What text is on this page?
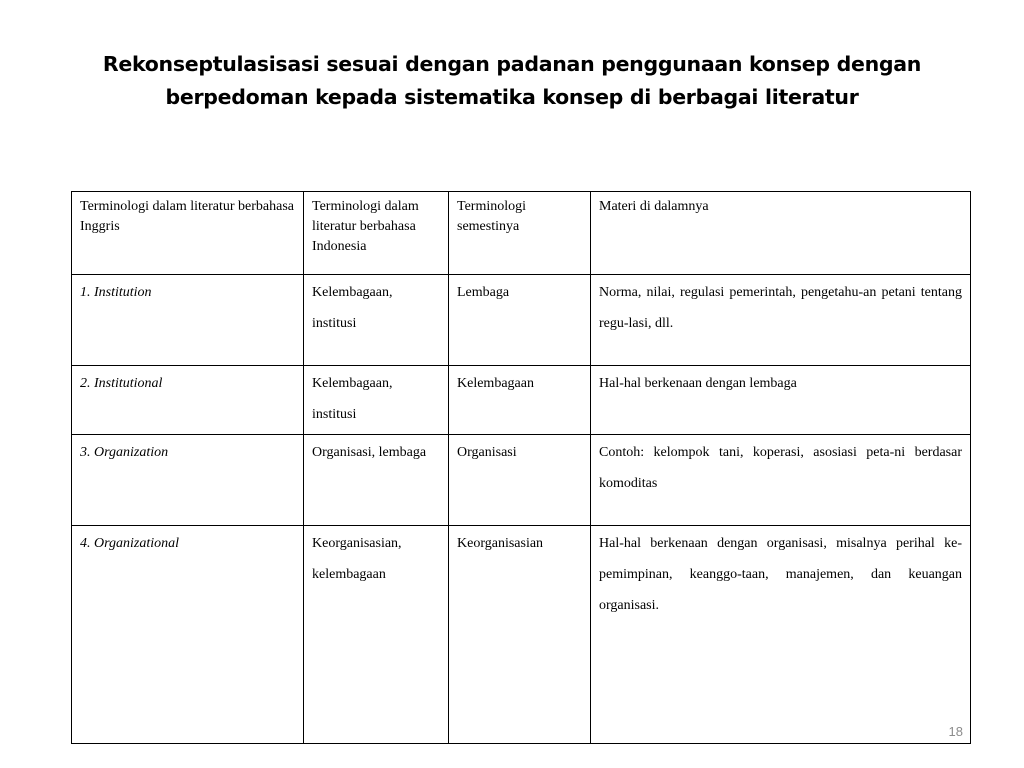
Rekonseptulasisasi sesuai dengan padanan penggunaan konsep dengan
berpedoman kepada sistematika konsep di berbagai literatur
Terminologi dalam literatur berbahasa Inggris	Terminologi dalam literatur berbahasa Indonesia	Terminologi semestinya	Materi di dalamnya
1. Institution	Kelembagaan, institusi	Lembaga	Norma, nilai, regulasi pemerintah, pengetahu-an petani tentang regu-lasi, dll.
2. Institutional	Kelembagaan, institusi	Kelembagaan	Hal-hal berkenaan dengan lembaga
3. Organization	Organisasi, lembaga	Organisasi	Contoh: kelompok tani, koperasi, asosiasi peta-ni berdasar komoditas
4. Organizational	Keorganisasian, kelembagaan	Keorganisasian	Hal-hal berkenaan dengan organisasi, misalnya perihal ke-pemimpinan, keanggo-taan, manajemen, dan keuangan organisasi.
18
